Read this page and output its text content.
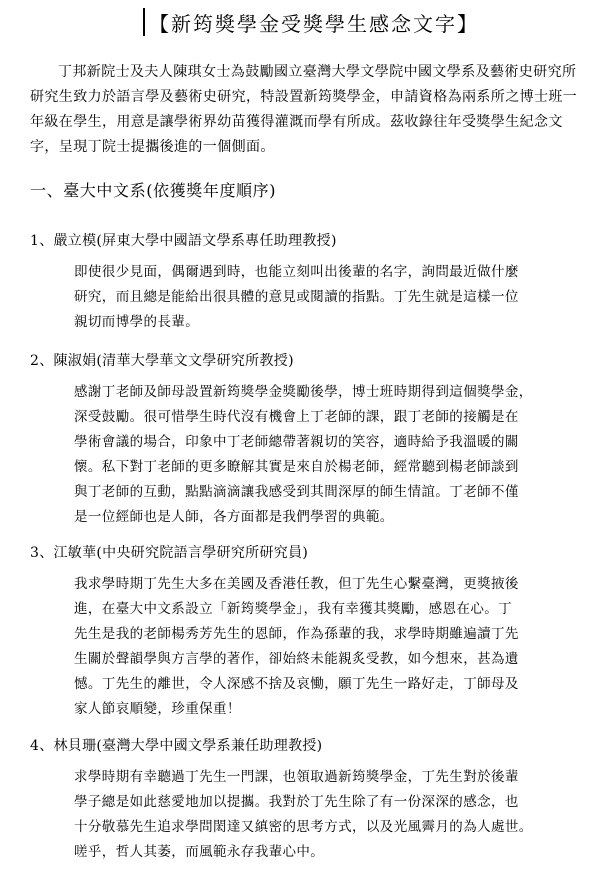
【新筠獎學金受獎學生感念文字】

丁邦新院士及夫人陳琪女士為鼓勵國立臺灣大學文學院中國文學系及藝術史研究所研究生致力於語言學及藝術史研究，特設置新筠獎學金，申請資格為兩系所之博士班一年級在學生，用意是讓學術界幼苗獲得灌溉而學有所成。茲收錄往年受獎學生紀念文字，呈現丁院士提攜後進的一個側面。

一、臺大中文系(依獲獎年度順序)
1、嚴立模(屏東大學中國語文學系專任助理教授)
即使很少見面，偶爾遇到時，也能立刻叫出後輩的名字，詢問最近做什麼
研究，而且總是能給出很具體的意見或閱讀的指點。丁先生就是這樣一位
親切而博學的長輩。
2、陳淑娟(清華大學華文文學研究所教授)
感謝丁老師及師母設置新筠獎學金獎勵後學，博士班時期得到這個獎學金，
深受鼓勵。很可惜學生時代沒有機會上丁老師的課，跟丁老師的接觸是在
學術會議的場合，印象中丁老師總帶著親切的笑容，適時給予我溫暖的關
懷。私下對丁老師的更多瞭解其實是來自於楊老師，經常聽到楊老師談到
與丁老師的互動，點點滴滴讓我感受到其間深厚的師生情誼。丁老師不僅
是一位經師也是人師，各方面都是我們學習的典範。
3、江敏華(中央研究院語言學研究所研究員)
我求學時期丁先生大多在美國及香港任教，但丁先生心繫臺灣，更獎掖後
進，在臺大中文系設立「新筠獎學金」，我有幸獲其獎勵，感恩在心。丁
先生是我的老師楊秀芳先生的恩師，作為孫輩的我，求學時期雖遍讀丁先
生關於聲韻學與方言學的著作，卻始終未能親炙受教，如今想來，甚為遺
憾。丁先生的離世，令人深感不捨及哀慟，願丁先生一路好走，丁師母及
家人節哀順變，珍重保重！
4、林貝珊(臺灣大學中國文學系兼任助理教授)
求學時期有幸聽過丁先生一門課，也領取過新筠獎學金，丁先生對於後輩
學子總是如此慈愛地加以提攜。我對於丁先生除了有一份深深的感念，也
十分敬慕先生追求學問閎達又縝密的思考方式，以及光風霽月的為人處世。
嗟乎，哲人其萎，而風範永存我輩心中。
